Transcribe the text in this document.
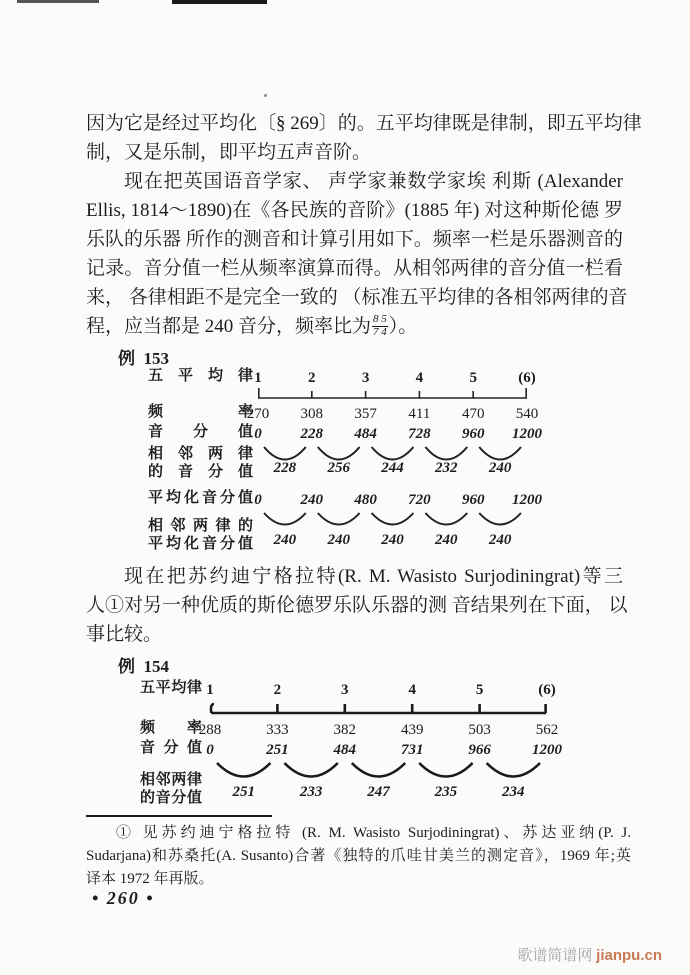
因为它是经过平均化〔§ 269〕的。五平均律既是律制，即五平均律
制，又是乐制，即平均五声音阶。
现在把英国语音学家、 声学家兼数学家埃 利斯 (Alexander
Ellis, 1814～1890)在《各民族的音阶》(1885 年) 对这种斯伦德 罗
乐队的乐器 所作的测音和计算引用如下。频率一栏是乐器测音的
记录。音分值一栏从频率演算而得。从相邻两律的音分值一栏看
来， 各律相距不是完全一致的 （标准五平均律的各相邻两律的音
程，应当都是 240 音分，频率比为 $\frac{8 5}{7 4}$ ）。
例  153
五平均律 1	2	3	4	5	(6)
频率
270 308 357 411 470 540
音分值 0	228 484 728 960 1200
相邻两律
的音分值 228 256 244 232 240
平均化音分值 0	240 480 720 960 1200
相邻两律的
平均化音分值 240 240 240 240 240
现在把苏约迪宁格拉特(R. M. Wasisto Surjodiningrat)等三
人①对另一种优质的斯伦德罗乐队乐器的测 音结果列在下面， 以
事比较。
例  154
五平均律 1	2	3	4	5	(6)
频率
288	333	382	439	503	562
音分值 0	251	484	731	966	1200
相邻两律
的音分值 251	233	247	235	234
① 见苏约迪宁格拉特 (R. M. Wasisto Surjodiningrat)、苏达亚纳(P. J.
Sudarjana)和苏桑托(A. Susanto)合著《独特的爪哇甘美兰的测定音》，1969 年;英
译本 1972 年再版。
• 260 •
歌谱简谱网 jianpu.cn
